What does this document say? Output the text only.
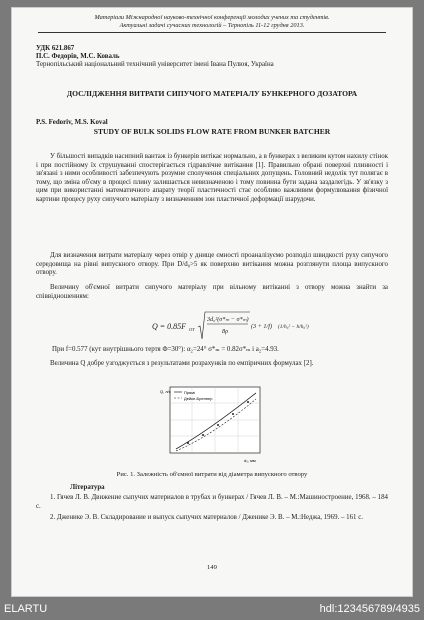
Матеріали Міжнародної науково-технічної конференції молодих учених та студентів.
Актуальні задачі сучасних технологій – Тернопіль 11-12 грудня 2013.
УДК 621.867
П.С. Федорів, М.С. Коваль
Тернопільський національний технічний університет імені Івана Пулюя, Україна
ДОСЛІДЖЕННЯ ВИТРАТИ СИПУЧОГО МАТЕРІАЛУ БУНКЕРНОГО ДОЗАТОРА
P.S. Fedoriv, M.S. Koval
STUDY OF BULK SOLIDS FLOW RATE FROM BUNKER BATCHER
У більшості випадків насипний вантаж із бункерів витікає нормально, а в бункерах з великим кутом нахилу стінок і при постійному їх струшуванні спостерігається гідравлічне витікання [1]. Правильно обрані поверхні плинності і зв'язані з ними особливості забезпечують розумне сполучення спеціальних допущень. Головний недолік тут полягає в тому, що зміна об'єму в процесі плину залишається невизначеною і тому повинна бути задана заздалегідь. У зв'язку з цим при використанні математичного апарату теорії пластичності стає особливо важливим формулювання фізичної картини процесу руху сипучого матеріалу з визначенням зон пластичної деформації шарудочи.
Для визначення витрати матеріалу через отвір у днище ємності проаналізуємо розподіл швидкості руху сипучого середовища на рівні випускного отвору. При D/d₀>5 як поверхню витікання можна розглянути площа випускного отвору.
Величину об'ємної витрати сипучого матеріалу при вільному витіканні з отвору можна знайти за співвідношенням:
Q = 0.85F OT
3d₀²(σ*ₘ − σ*ₘ)
8ρ
(3 + 1/f) (1/h₀² − h/h₀²)
При f=0.577 (кут внутрішнього тертя Φ=30°): α₂=24° σ*ₘ = 0.82σ*ₘ і a₂=4.93.
Величина Q добре узгоджується з результатами розрахунків по емпіричних формулах [2].
Прямі
Дейке-Бреннер
Q, л/с
d₀, мм
Рис. 1. Залежність об'ємної витрати від діаметра випускного отвору
Література
1. Гячев Л. В. Движение сыпучих материалов в трубах и бункерах / Гячев Л. В. – М.:Машиностроение, 1968. – 184 с.
2. Дженике Э. В. Складирование и выпуск сыпучих материалов / Дженике Э. В. – М.:Неджа, 1969. – 161 с.
149
ELARTU	hdl:123456789/4935
